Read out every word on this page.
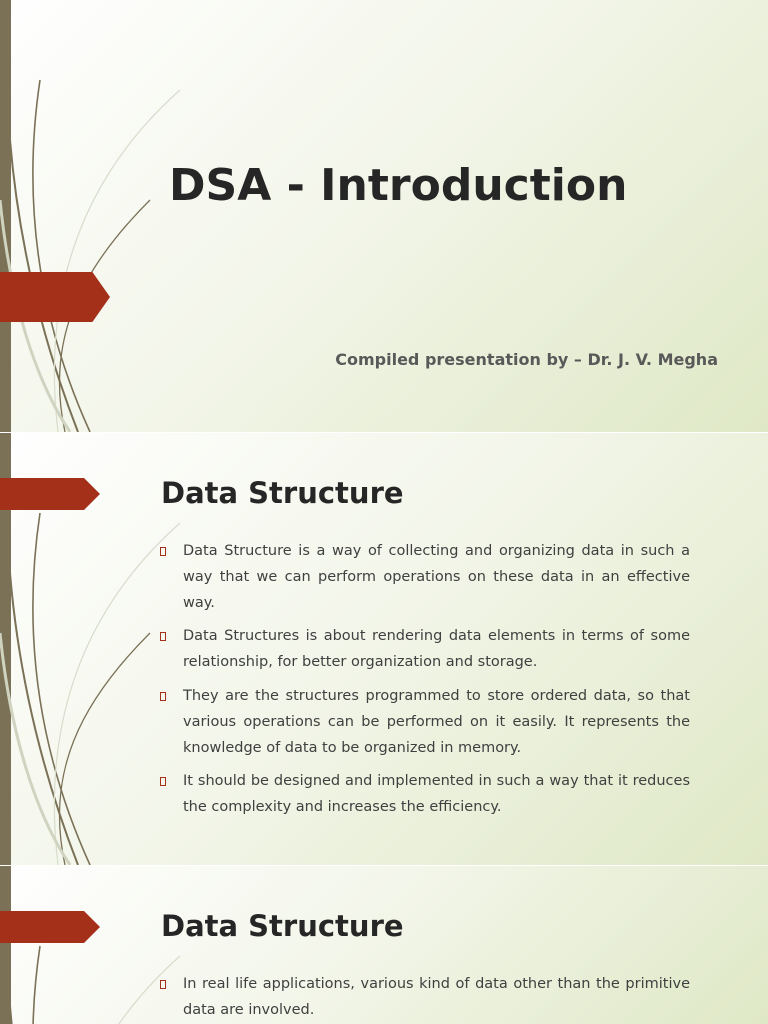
DSA - Introduction

Compiled presentation by – Dr. J. V. Megha

Data Structure
Data Structure is a way of collecting and organizing data in such a way that we can perform operations on these data in an effective way.
Data Structures is about rendering data elements in terms of some relationship, for better organization and storage.
They are the structures programmed to store ordered data, so that various operations can be performed on it easily. It represents the knowledge of data to be organized in memory.
It should be designed and implemented in such a way that it reduces the complexity and increases the efficiency.
Data Structure
In real life applications, various kind of data other than the primitive data are involved.
